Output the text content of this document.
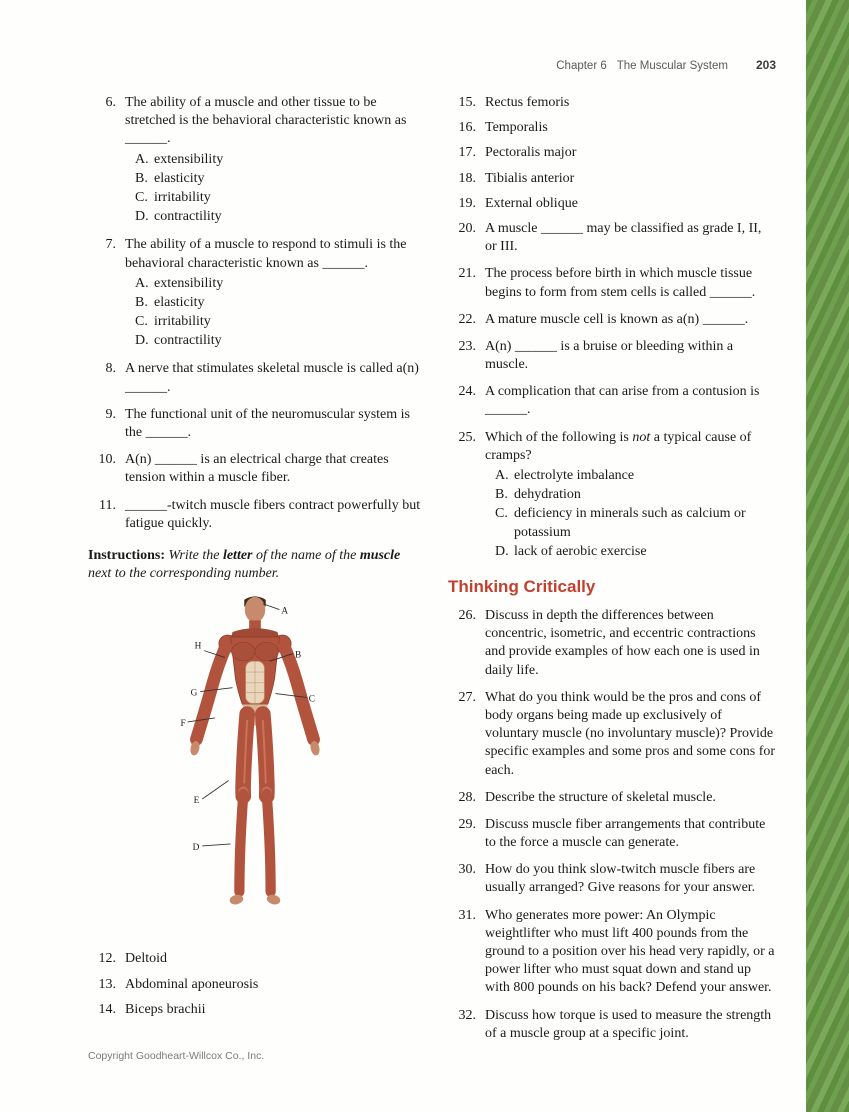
Chapter 6 The Muscular System 203
6. The ability of a muscle and other tissue to be stretched is the behavioral characteristic known as ______.
A. extensibility
B. elasticity
C. irritability
D. contractility
7. The ability of a muscle to respond to stimuli is the behavioral characteristic known as ______.
A. extensibility
B. elasticity
C. irritability
D. contractility
8. A nerve that stimulates skeletal muscle is called a(n) ______.
9. The functional unit of the neuromuscular system is the ______.
10. A(n) ______ is an electrical charge that creates tension within a muscle fiber.
11. ______-twitch muscle fibers contract powerfully but fatigue quickly.

Instructions: Write the letter of the name of the muscle next to the corresponding number.

A
B
C
D
E
F
G
H
12. Deltoid
13. Abdominal aponeurosis
14. Biceps brachii
15. Rectus femoris
16. Temporalis
17. Pectoralis major
18. Tibialis anterior
19. External oblique
20. A muscle ______ may be classified as grade I, II, or III.
21. The process before birth in which muscle tissue begins to form from stem cells is called ______.
22. A mature muscle cell is known as a(n) ______.
23. A(n) ______ is a bruise or bleeding within a muscle.
24. A complication that can arise from a contusion is ______.
25. Which of the following is not a typical cause of cramps?
A. electrolyte imbalance
B. dehydration
C. deficiency in minerals such as calcium or potassium
D. lack of aerobic exercise
Thinking Critically
26. Discuss in depth the differences between concentric, isometric, and eccentric contractions and provide examples of how each one is used in daily life.
27. What do you think would be the pros and cons of body organs being made up exclusively of voluntary muscle (no involuntary muscle)? Provide specific examples and some pros and some cons for each.
28. Describe the structure of skeletal muscle.
29. Discuss muscle fiber arrangements that contribute to the force a muscle can generate.
30. How do you think slow-twitch muscle fibers are usually arranged? Give reasons for your answer.
31. Who generates more power: An Olympic weightlifter who must lift 400 pounds from the ground to a position over his head very rapidly, or a power lifter who must squat down and stand up with 800 pounds on his back? Defend your answer.
32. Discuss how torque is used to measure the strength of a muscle group at a specific joint.
Copyright Goodheart-Willcox Co., Inc.
